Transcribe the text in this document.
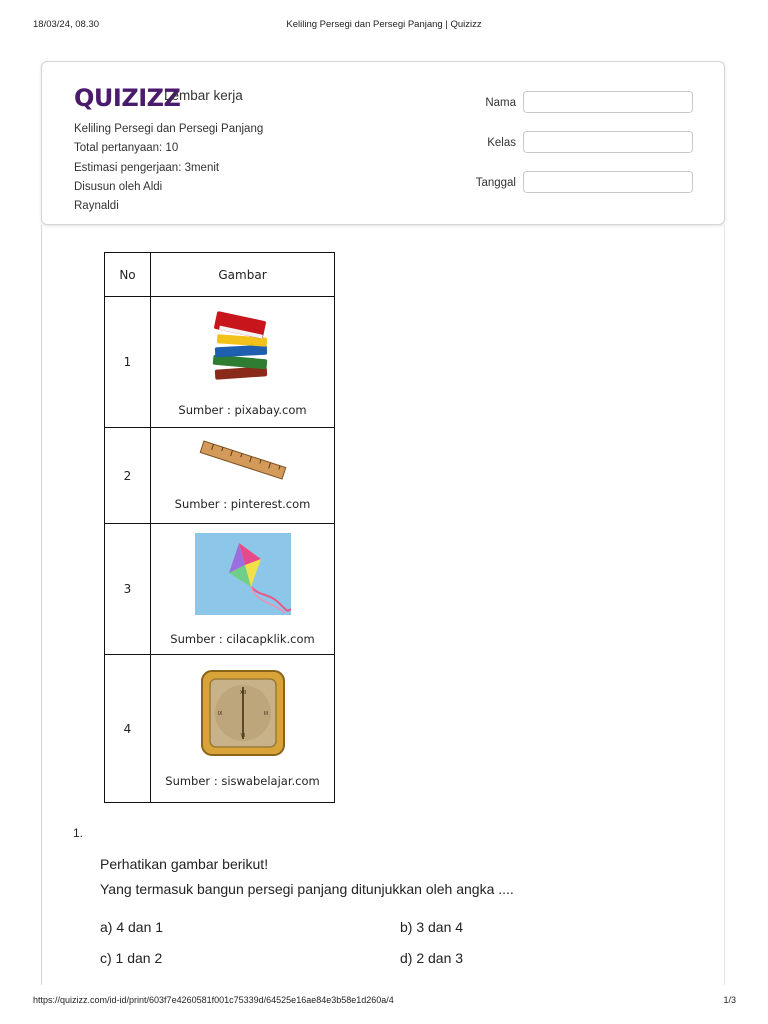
18/03/24, 08.30	Keliling Persegi dan Persegi Panjang | Quizizz
QUIZIZZ
Lembar kerja
Keliling Persegi dan Persegi Panjang
Total pertanyaan: 10
Estimasi pengerjaan: 3menit
Disusun oleh Aldi
Raynaldi
Nama
Kelas
Tanggal
No	Gambar
1	Sumber : pixabay.com

2	Sumber : pinterest.com

3	Sumber : cilacapklik.com

4	XII
VI
IX III
Sumber : siswabelajar.com
1.
Perhatikan gambar berikut!
Yang termasuk bangun persegi panjang ditunjukkan oleh angka ....
a) 4 dan 1	b) 3 dan 4
c) 1 dan 2	d) 2 dan 3
https://quizizz.com/id-id/print/603f7e4260581f001c75339d/64525e16ae84e3b58e1d260a/4	1/3
